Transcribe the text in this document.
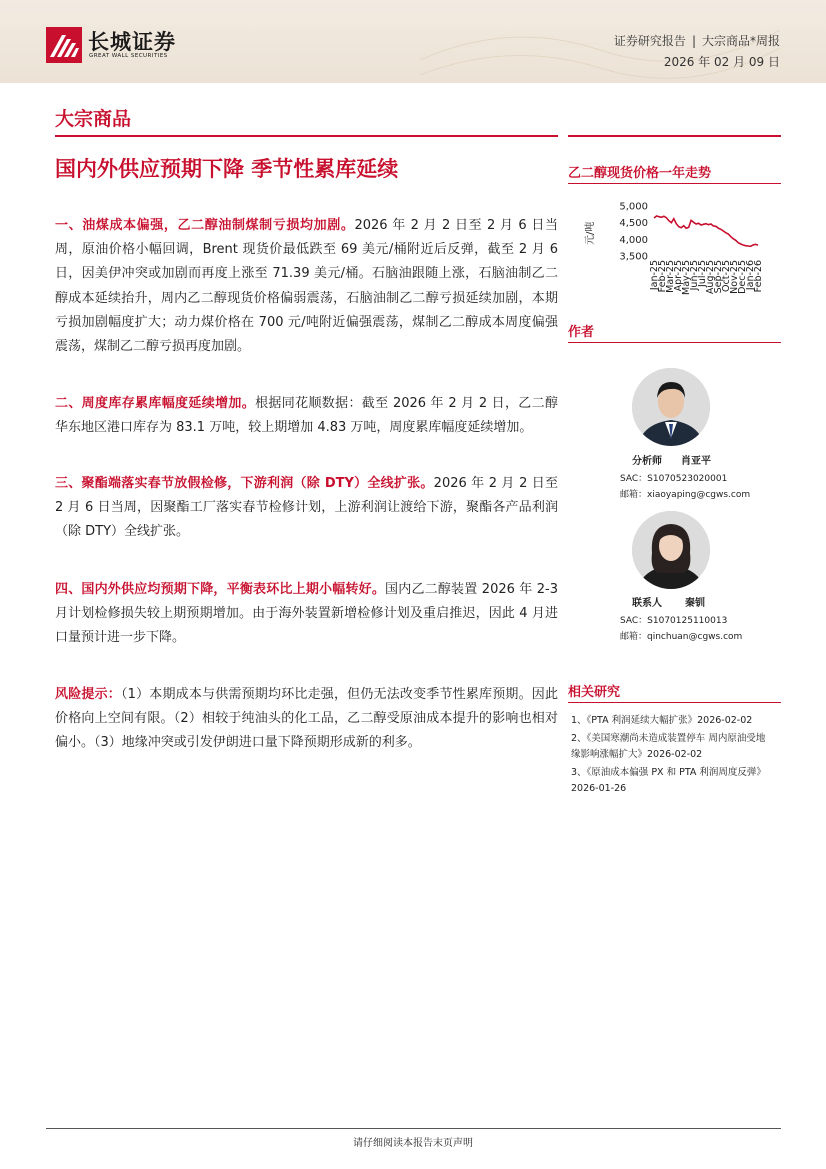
长城证券
GREAT WALL SECURITIES
证券研究报告 | 大宗商品*周报
2026 年 02 月 09 日
大宗商品
国内外供应预期下降 季节性累库延续
一、油煤成本偏强，乙二醇油制煤制亏损均加剧。2026 年 2 月 2 日至 2 月 6 日当周，原油价格小幅回调，Brent 现货价最低跌至 69 美元/桶附近后反弹，截至 2 月 6 日，因美伊冲突或加剧而再度上涨至 71.39 美元/桶。石脑油跟随上涨，石脑油制乙二醇成本延续抬升，周内乙二醇现货价格偏弱震荡，石脑油制乙二醇亏损延续加剧，本期亏损加剧幅度扩大；动力煤价格在 700 元/吨附近偏强震荡，煤制乙二醇成本周度偏强震荡，煤制乙二醇亏损再度加剧。
二、周度库存累库幅度延续增加。根据同花顺数据：截至 2026 年 2 月 2 日，乙二醇华东地区港口库存为 83.1 万吨，较上期增加 4.83 万吨，周度累库幅度延续增加。
三、聚酯端落实春节放假检修，下游利润（除 DTY）全线扩张。2026 年 2 月 2 日至 2 月 6 日当周，因聚酯工厂落实春节检修计划，上游利润让渡给下游，聚酯各产品利润（除 DTY）全线扩张。
四、国内外供应均预期下降，平衡表环比上期小幅转好。国内乙二醇装置 2026 年 2-3 月计划检修损失较上期预期增加。由于海外装置新增检修计划及重启推迟，因此 4 月进口量预计进一步下降。
风险提示：（1）本期成本与供需预期均环比走强，但仍无法改变季节性累库预期。因此价格向上空间有限。（2）相较于纯油头的化工品，乙二醇受原油成本提升的影响也相对偏小。（3）地缘冲突或引发伊朗进口量下降预期形成新的利多。
乙二醇现货价格一年走势
5,000
4,500
4,000
3,500
元/吨
Jan-25
Feb-25
Mar-25
Apr-25
May-25
Jun-25
Jul-25
Aug-25
Sep-25
Oct-25
Nov-25
Dec-25
Jan-26
Feb-26
作者
分析师 肖亚平
SAC：S1070523020001
邮箱：xiaoyaping@cgws.com
联系人 秦钏
SAC：S1070125110013
邮箱：qinchuan@cgws.com
相关研究
1、《PTA 利润延续大幅扩张》2026-02-02
2、《美国寒潮尚未造成装置停车 周内原油受地
缘影响涨幅扩大》2026-02-02
3、《原油成本偏强 PX 和 PTA 利润周度反弹》
2026-01-26
请仔细阅读本报告末页声明
